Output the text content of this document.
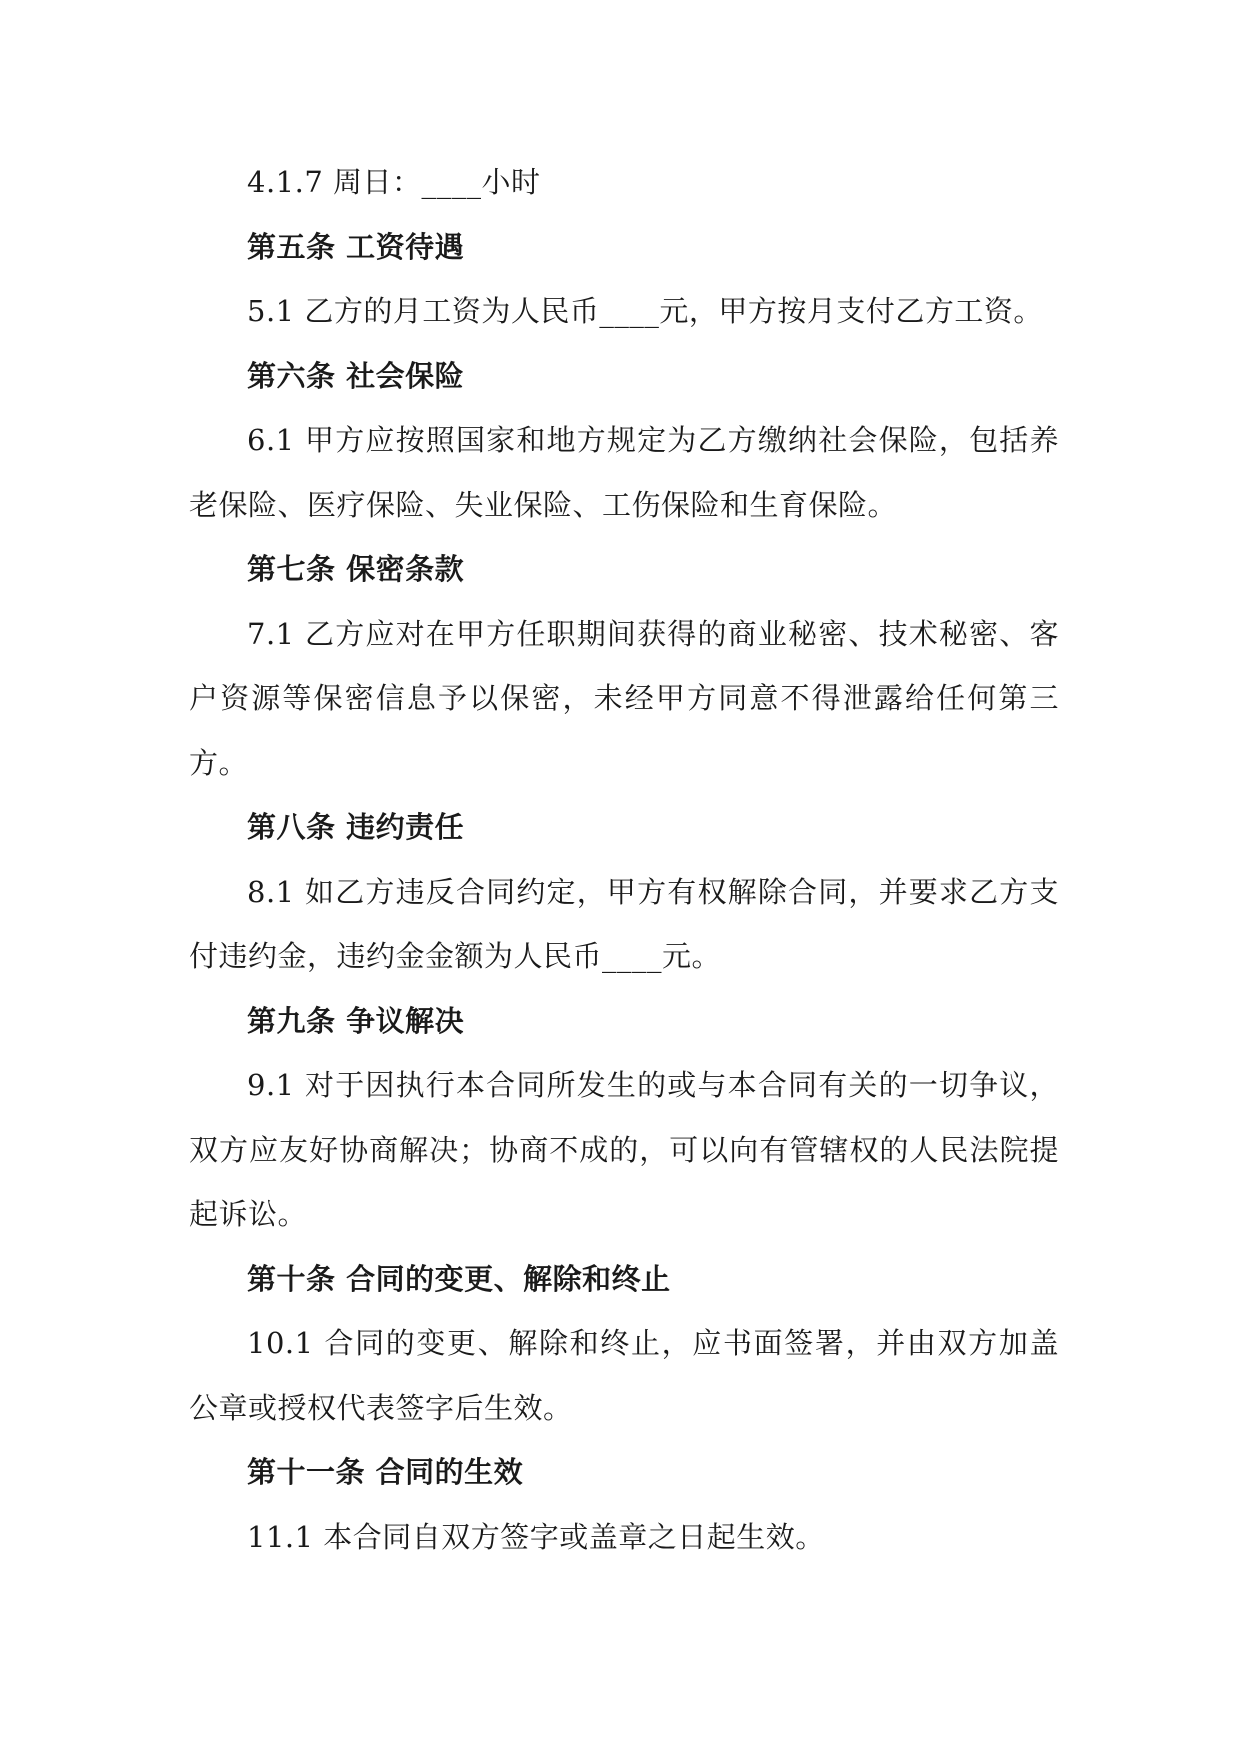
4.1.7 周日：____小时

第五条 工资待遇

5.1 乙方的月工资为人民币____元，甲方按月支付乙方工资。

第六条 社会保险

6.1 甲方应按照国家和地方规定为乙方缴纳社会保险，包括养老保险、医疗保险、失业保险、工伤保险和生育保险。

第七条 保密条款

7.1 乙方应对在甲方任职期间获得的商业秘密、技术秘密、客户资源等保密信息予以保密，未经甲方同意不得泄露给任何第三方。

第八条 违约责任

8.1 如乙方违反合同约定，甲方有权解除合同，并要求乙方支付违约金，违约金金额为人民币____元。

第九条 争议解决

9.1 对于因执行本合同所发生的或与本合同有关的一切争议，双方应友好协商解决；协商不成的，可以向有管辖权的人民法院提起诉讼。

第十条 合同的变更、解除和终止

10.1 合同的变更、解除和终止，应书面签署，并由双方加盖公章或授权代表签字后生效。

第十一条 合同的生效

11.1 本合同自双方签字或盖章之日起生效。
